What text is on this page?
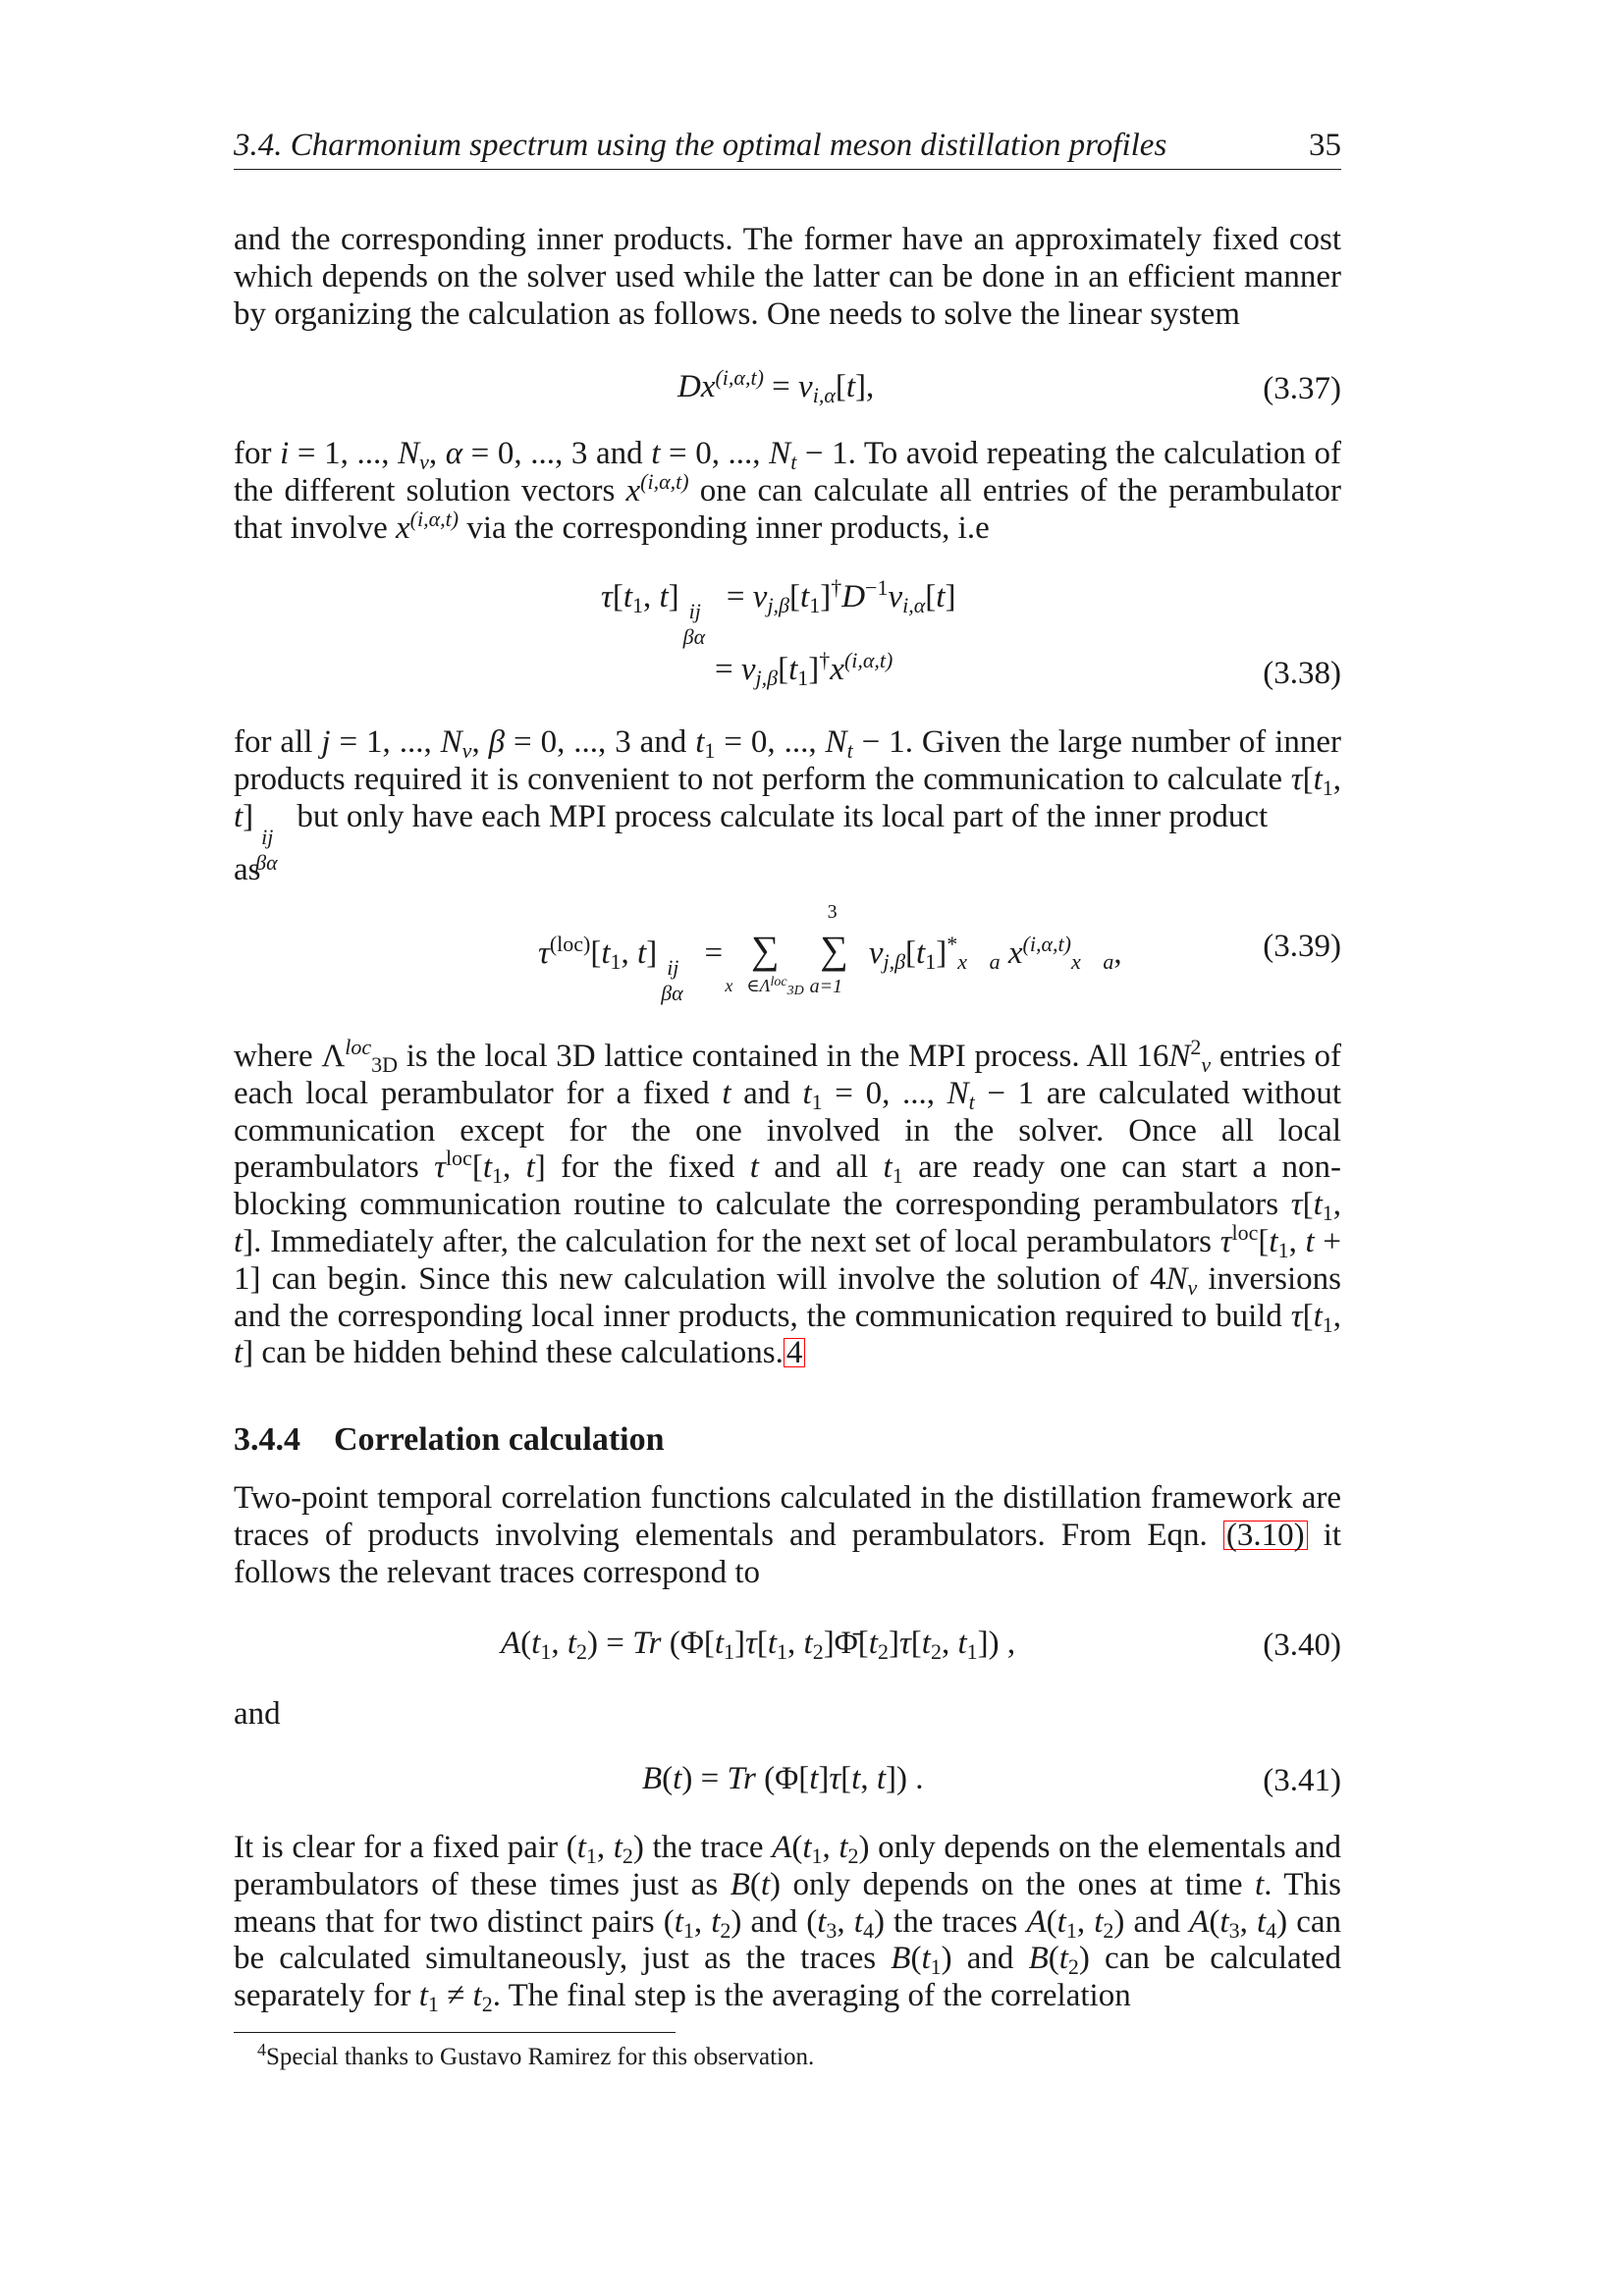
3.4. Charmonium spectrum using the optimal meson distillation profiles	35

and the corresponding inner products. The former have an approximately fixed cost which depends on the solver used while the latter can be done in an efficient manner by organizing the calculation as follows. One needs to solve the linear system

$Dx^{(i,\alpha,t)} = v_{i,\alpha}[t]$,	(3.37)

for i = 1, ..., $N_v$, α = 0, ..., 3 and t = 0, ..., $N_t - 1$. To avoid repeating the calculation of the different solution vectors $x^{(i,\alpha,t)}$ one can calculate all entries of the perambulator that involve $x^{(i,\alpha,t)}$ via the corresponding inner products, i.e

$\tau[t_1$, t] ij
βα
= $v_{j,\beta}[t_1]^\dagger D^{-1}v_{i,\alpha}[t]$
= $v_{j,\beta}[t_1]^\dagger x^{(i,\alpha,t)}$	(3.38)

for all j = 1, ..., $N_v$, β = 0, ..., 3 and $t_1 = 0$, ..., $N_t - 1$. Given the large number of inner products required it is convenient to not perform the communication to calculate $\tau[t_1$, t]
ij
βα
but only have each MPI process calculate its local part of the inner product

as

$\tau^{(loc)}[t_1$, t] ij
βα
= ∑
$x⃗\in\Lambda^{loc}_{3D}$

3
∑
a=1
$v_{j,\beta}[t_1]^*_{x⃗ a}$ $x^{(i,\alpha,t)}_{x⃗ a}$,	(3.39)

where $\Lambda^{loc}_{3D}$ is the local 3D lattice contained in the MPI process. All $16N^2_v$ entries of each local perambulator for a fixed t and $t_1 = 0$, ..., $N_t - 1$ are calculated without communication except for the one involved in the solver. Once all local perambulators $\tau^{loc}[t_1$, t] for the fixed t and all $t_1$ are ready one can start a non-blocking communication routine to calculate the corresponding perambulators $\tau[t_1$, t]. Immediately after, the calculation for the next set of local perambulators $\tau^{loc}[t_1$, t + 1] can begin. Since this new calculation will involve the solution of $4N_v$ inversions and the corresponding local inner products, the communication required to build $\tau[t_1$, t] can be hidden behind these calculations.4

3.4.4 Correlation calculation

Two-point temporal correlation functions calculated in the distillation framework are traces of products involving elementals and perambulators. From Eqn. (3.10) it follows the relevant traces correspond to

$A(t_1$, $t_2) = Tr$ ($\Phi[t_1]\tau[t_1$, $t_2]\Phī[t_2]\tau[t_2$, $t_1$]) ,	(3.40)

and

B(t) = Tr (Φ[t]τ[t, t]) .	(3.41)

It is clear for a fixed pair ($t_1$, $t_2$) the trace $A(t_1$, $t_2$) only depends on the elementals and perambulators of these times just as B(t) only depends on the ones at time t. This means that for two distinct pairs ($t_1$, $t_2$) and ($t_3$, $t_4$) the traces $A(t_1$, $t_2$) and $A(t_3$, $t_4$) can be calculated simultaneously, just as the traces $B(t_1)$ and $B(t_2)$ can be calculated separately for $t_1 \ne t_2$. The final step is the averaging of the correlation

$^4$Special thanks to Gustavo Ramirez for this observation.
